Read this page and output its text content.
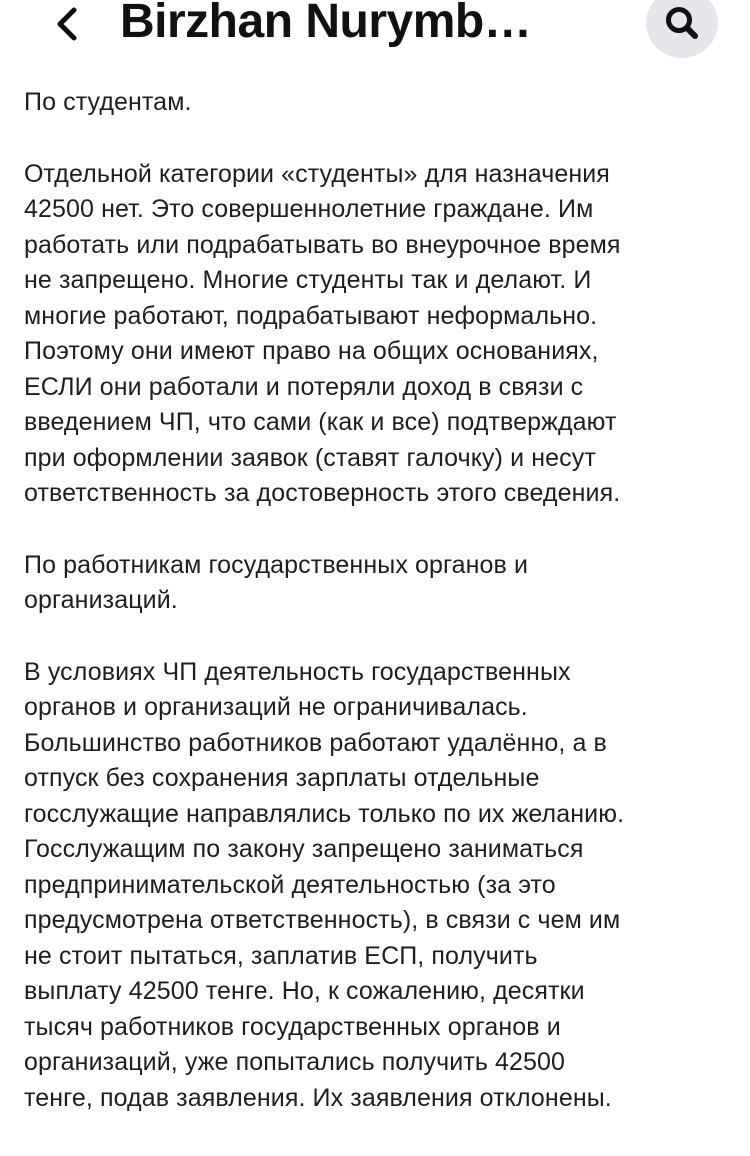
Birzhan Nurymb…

По студентам.

Отдельной категории «студенты» для назначения
42500 нет. Это совершеннолетние граждане. Им
работать или подрабатывать во внеурочное время
не запрещено. Многие студенты так и делают. И
многие работают, подрабатывают неформально.
Поэтому они имеют право на общих основаниях,
ЕСЛИ они работали и потеряли доход в связи с
введением ЧП, что сами (как и все) подтверждают
при оформлении заявок (ставят галочку) и несут
ответственность за достоверность этого сведения.

По работникам государственных органов и
организаций.

В условиях ЧП деятельность государственных
органов и организаций не ограничивалась.
Большинство работников работают удалённо, а в
отпуск без сохранения зарплаты отдельные
госслужащие направлялись только по их желанию.
Госслужащим по закону запрещено заниматься
предпринимательской деятельностью (за это
предусмотрена ответственность), в связи с чем им
не стоит пытаться, заплатив ЕСП, получить
выплату 42500 тенге. Но, к сожалению, десятки
тысяч работников государственных органов и
организаций, уже попытались получить 42500
тенге, подав заявления. Их заявления отклонены.
